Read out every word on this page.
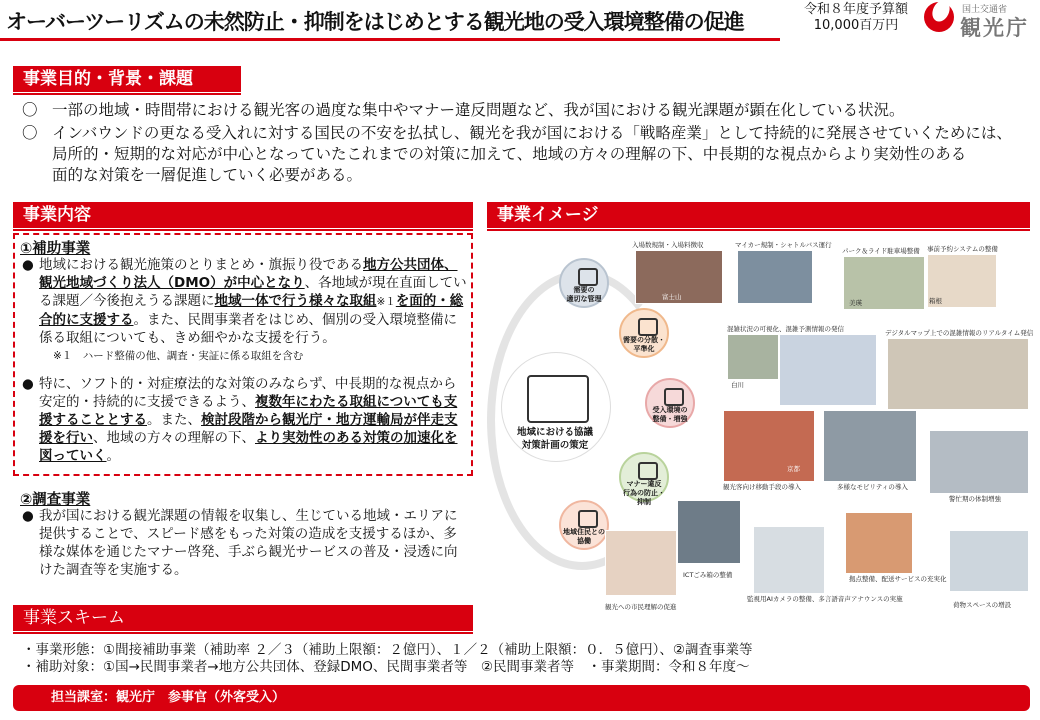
オーバーツーリズムの未然防止・抑制をはじめとする観光地の受入環境整備の促進
令和８年度予算額
10,000百万円
国土交通省
観光庁
事業目的・背景・課題
〇 一部の地域・時間帯における観光客の過度な集中やマナー違反問題など、我が国における観光課題が顕在化している状況。
〇 インバウンドの更なる受入れに対する国民の不安を払拭し、観光を我が国における「戦略産業」として持続的に発展させていくためには、
局所的・短期的な対応が中心となっていたこれまでの対策に加えて、地域の方々の理解の下、中長期的な視点からより実効性のある
面的な対策を一層促進していく必要がある。
事業内容
①補助事業
● 地域における観光施策のとりまとめ・旗振り役である地方公共団体、観光地域づくり法人（DMO）が中心となり、各地域が現在直面している課題／今後抱えうる課題に地域一体で行う様々な取組※１を面的・総合的に支援する。また、民間事業者をはじめ、個別の受入環境整備に係る取組についても、きめ細やかな支援を行う。
※１　ハード整備の他、調査・実証に係る取組を含む
● 特に、ソフト的・対症療法的な対策のみならず、中長期的な視点から安定的・持続的に支援できるよう、複数年にわたる取組についても支援することとする。また、検討段階から観光庁・地方運輸局が伴走支援を行い、地域の方々の理解の下、より実効性のある対策の加速化を図っていく。
②調査事業
● 我が国における観光課題の情報を収集し、生じている地域・エリアに提供することで、スピード感をもった対策の造成を支援するほか、多様な媒体を通じたマナー啓発、手ぶら観光サービスの普及・浸透に向けた調査等を実施する。
事業イメージ
地域における協議
対策計画の策定
需要の
適切な管理
需要の分散・
平準化
受入環境の
整備・増強
マナー違反
行為の防止・
抑制
地域住民との
協働
入場数規制・入場料徴収
富士山
マイカー規制・シャトルバス運行
パーク＆ライド駐車場整備
美瑛
事前予約システムの整備
箱根
混雑状況の可視化、混雑予測情報の発信
白川
デジタルマップ上での混雑情報のリアルタイム発信
京都
観光客向け移動手段の導入	多様なモビリティの導入
警忙期の体制増強
ICTごみ箱の整備
監視用AIカメラの整備、多言語音声アナウンスの実施
拠点整備、配送サービスの充実化
荷物スペースの増設
観光への市民理解の促進
事業スキーム
・事業形態：①間接補助事業（補助率 ２／３（補助上限額：２億円）、１／２（補助上限額：０．５億円）、②調査事業等
・補助対象：①国→民間事業者→地方公共団体、登録DMO、民間事業者等　②民間事業者等　・事業期間：令和８年度～
担当課室：観光庁　参事官（外客受入）
